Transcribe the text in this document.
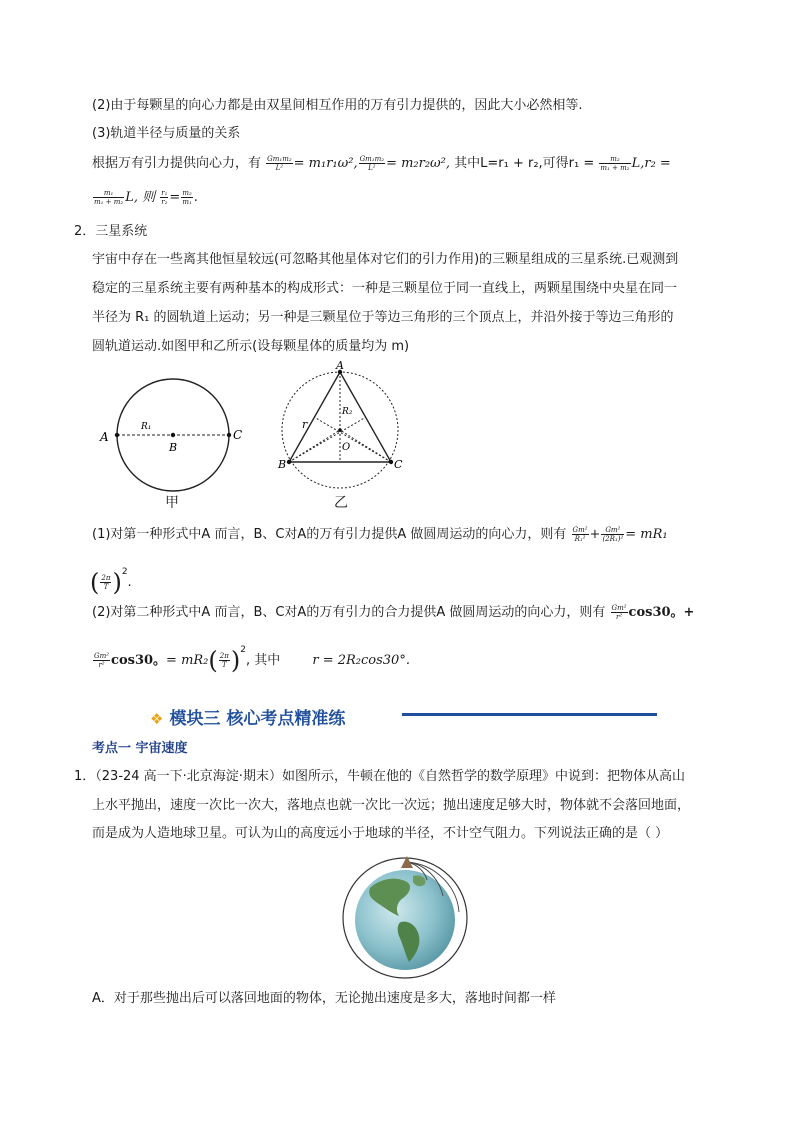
(2)由于每颗星的向心力都是由双星间相互作用的万有引力提供的，因此大小必然相等.
(3)轨道半径与质量的关系
根据万有引力提供向心力，有 $\frac{\text{Gm₁m₂}}{\text{L²}} = m_1r_1\omega^2$, $\frac{\text{Gm₁m₂}}{\text{L²}} = m_2r_2\omega^2$, 其中L=r₁ + r₂,可得$r_1 = \frac{\text{m₂}}{\text{m₁ + m₂}} L,r_2$ =
$\frac{\text{m₁}}{\text{m₁ + m₂}} L$, 则 $\frac{\text{r₁}}{\text{r₂}} = \frac{\text{m₂}}{\text{m₁}}$ .
2．三星系统
宇宙中存在一些离其他恒星较远(可忽略其他星体对它们的引力作用)的三颗星组成的三星系统.已观测到
稳定的三星系统主要有两种基本的构成形式：一种是三颗星位于同一直线上，两颗星围绕中央星在同一
半径为 R₁ 的圆轨道上运动；另一种是三颗星位于等边三角形的三个顶点上，并沿外接于等边三角形的
圆轨道运动.如图甲和乙所示(设每颗星体的质量均为 m)
A
B
C
R₁
A
B	C
O
R₂
r
甲	乙
(1)对第一种形式中A 而言，B、C对A的万有引力提供A 做圆周运动的向心力，则有 $\frac{\text{Gm²}}{\text{R₁²}} + \frac{\text{Gm²}}{\text{(2R₁)²}} = mR_1$
( $\frac{2\pi}{T} )^2$.
(2)对第二种形式中A 而言，B、C对A的万有引力的合力提供A 做圆周运动的向心力，则有 $\frac{\text{Gm²}}{\text{r²}} \cos 30$。+
$\frac{\text{Gm²}}{\text{r²}} \cos 30$。= $mR_2( \frac{2\pi}{T} )^2$, 其中 r = 2R₂cos30°.
❖ 模块三 核心考点精准练
考点一 宇宙速度
1．（23-24 高一下·北京海淀·期末）如图所示，牛顿在他的《自然哲学的数学原理》中说到：把物体从高山
上水平抛出，速度一次比一次大，落地点也就一次比一次远；抛出速度足够大时，物体就不会落回地面，
而是成为人造地球卫星。可认为山的高度远小于地球的半径，不计空气阻力。下列说法正确的是（ ）
A．对于那些抛出后可以落回地面的物体，无论抛出速度是多大，落地时间都一样
